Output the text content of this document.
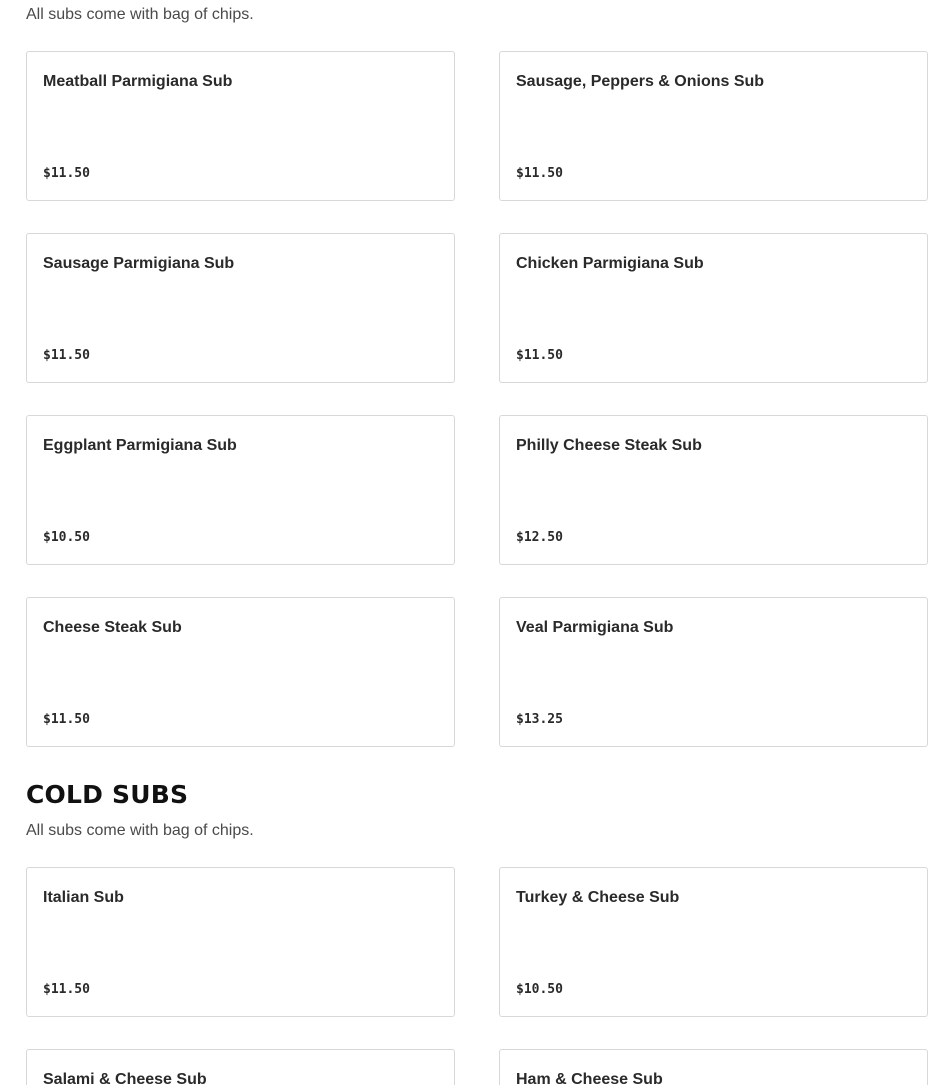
All subs come with bag of chips.

Meatball Parmigiana Sub
$11.50
Sausage, Peppers & Onions Sub
$11.50
Sausage Parmigiana Sub
$11.50
Chicken Parmigiana Sub
$11.50
Eggplant Parmigiana Sub
$10.50
Philly Cheese Steak Sub
$12.50
Cheese Steak Sub
$11.50
Veal Parmigiana Sub
$13.25
COLD SUBS

All subs come with bag of chips.

Italian Sub
$11.50
Turkey & Cheese Sub
$10.50
Salami & Cheese Sub	Ham & Cheese Sub
